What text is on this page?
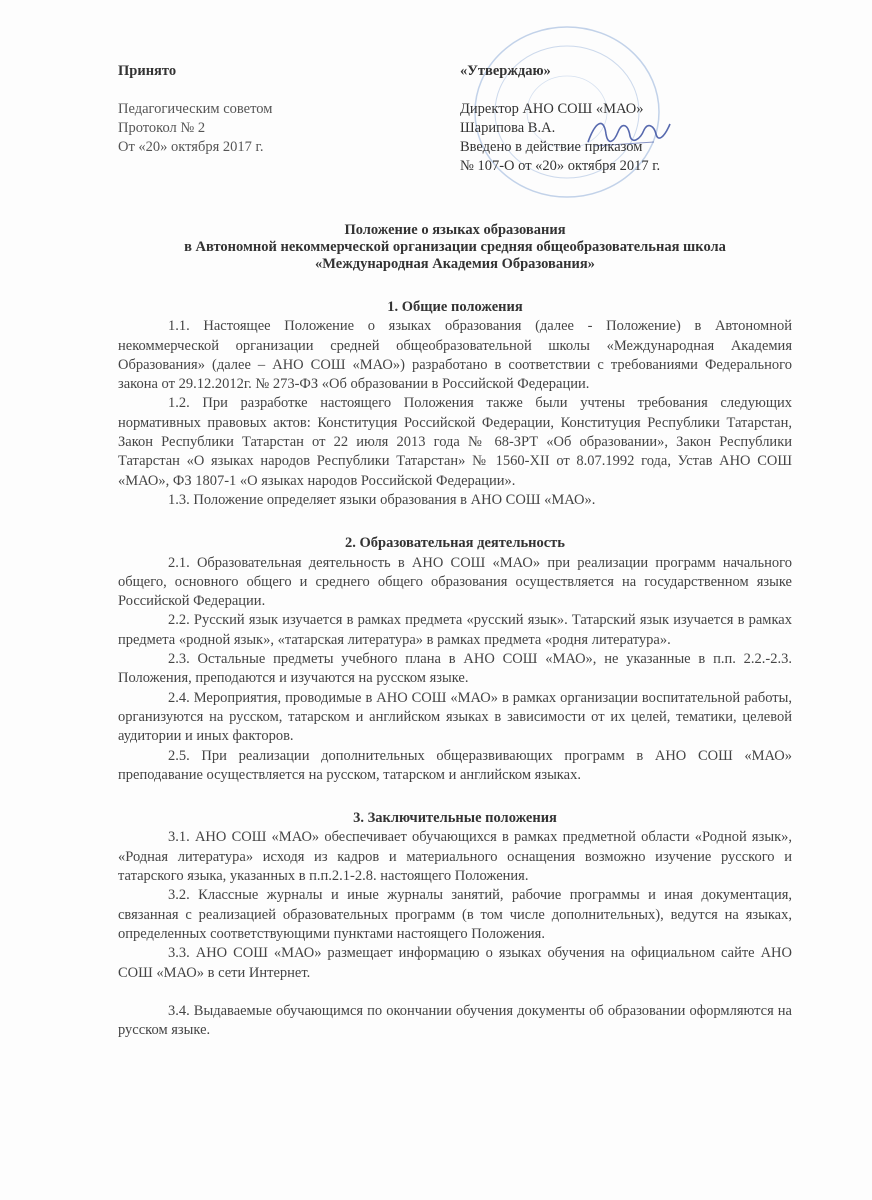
Принято
Педагогическим советом
Протокол № 2
От «20» октября 2017 г.
«Утверждаю»
Директор АНО СОШ «МАО»
Шарипова В.А.
Введено в действие приказом
№ 107-О от «20» октября 2017 г.
Положение о языках образования
в Автономной некоммерческой организации средняя общеобразовательная школа
«Международная Академия Образования»
1. Общие положения

1.1. Настоящее Положение о языках образования (далее - Положение) в Автономной некоммерческой организации средней общеобразовательной школы «Международная Академия Образования» (далее – АНО СОШ «МАО») разработано в соответствии с требованиями Федерального закона от 29.12.2012г. № 273-ФЗ «Об образовании в Российской Федерации.

1.2. При разработке настоящего Положения также были учтены требования следующих нормативных правовых актов: Конституция Российской Федерации, Конституция Республики Татарстан, Закон Республики Татарстан от 22 июля 2013 года № 68-ЗРТ «Об образовании», Закон Республики Татарстан «О языках народов Республики Татарстан» № 1560-XII от 8.07.1992 года, Устав АНО СОШ «МАО», ФЗ 1807-1 «О языках народов Российской Федерации».

1.3. Положение определяет языки образования в АНО СОШ «МАО».

2. Образовательная деятельность

2.1. Образовательная деятельность в АНО СОШ «МАО» при реализации программ начального общего, основного общего и среднего общего образования осуществляется на государственном языке Российской Федерации.

2.2. Русский язык изучается в рамках предмета «русский язык». Татарский язык изучается в рамках предмета «родной язык», «татарская литература» в рамках предмета «родня литература».

2.3. Остальные предметы учебного плана в АНО СОШ «МАО», не указанные в п.п. 2.2.-2.3. Положения, преподаются и изучаются на русском языке.

2.4. Мероприятия, проводимые в АНО СОШ «МАО» в рамках организации воспитательной работы, организуются на русском, татарском и английском языках в зависимости от их целей, тематики, целевой аудитории и иных факторов.

2.5. При реализации дополнительных общеразвивающих программ в АНО СОШ «МАО» преподавание осуществляется на русском, татарском и английском языках.

3. Заключительные положения

3.1. АНО СОШ «МАО» обеспечивает обучающихся в рамках предметной области «Родной язык», «Родная литература» исходя из кадров и материального оснащения возможно изучение русского и татарского языка, указанных в п.п.2.1-2.8. настоящего Положения.

3.2. Классные журналы и иные журналы занятий, рабочие программы и иная документация, связанная с реализацией образовательных программ (в том числе дополнительных), ведутся на языках, определенных соответствующими пунктами настоящего Положения.

3.3. АНО СОШ «МАО» размещает информацию о языках обучения на официальном сайте АНО СОШ «МАО» в сети Интернет.

3.4. Выдаваемые обучающимся по окончании обучения документы об образовании оформляются на русском языке.
